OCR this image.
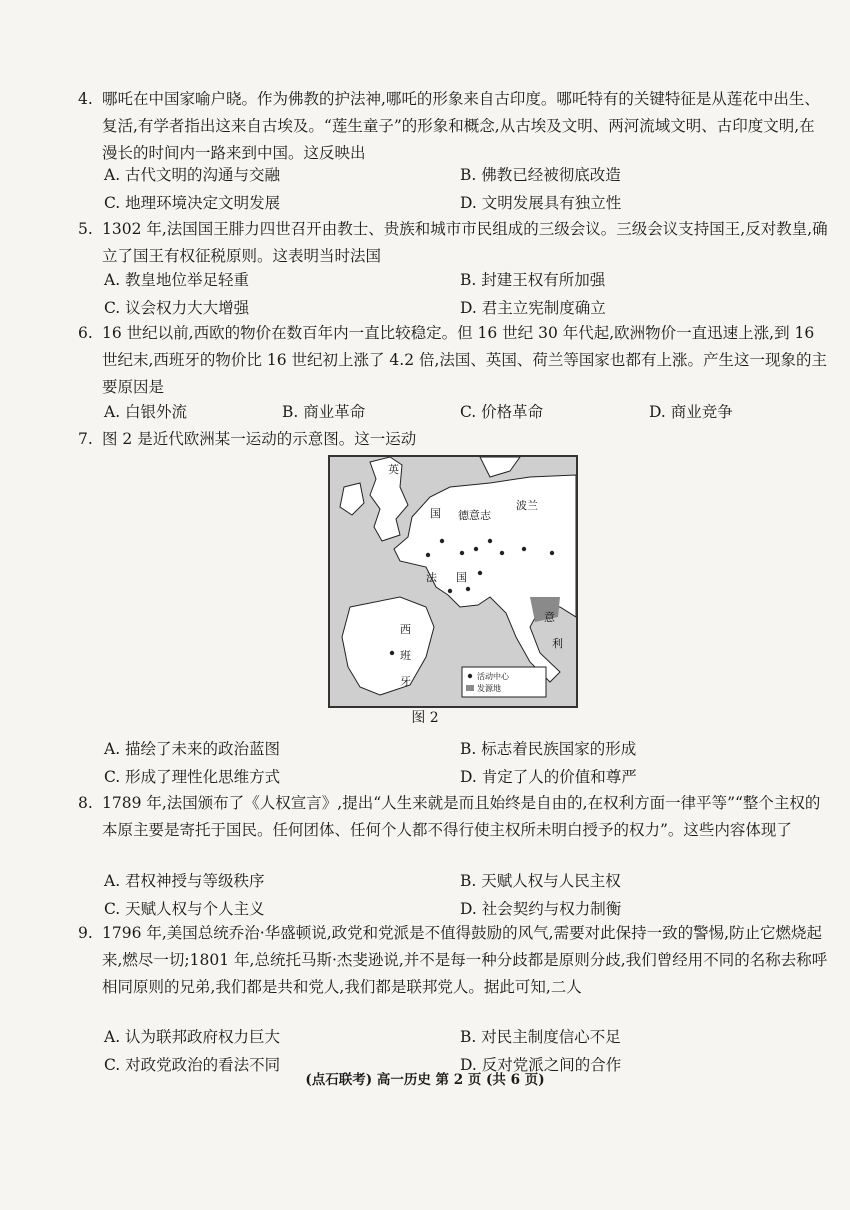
4. 哪吒在中国家喻户晓。作为佛教的护法神,哪吒的形象来自古印度。哪吒特有的关键特征是从莲花中出生、复活,有学者指出这来自古埃及。“莲生童子”的形象和概念,从古埃及文明、两河流域文明、古印度文明,在漫长的时间内一路来到中国。这反映出
A. 古代文明的沟通与交融	B. 佛教已经被彻底改造
C. 地理环境决定文明发展	D. 文明发展具有独立性
5. 1302 年,法国国王腓力四世召开由教士、贵族和城市市民组成的三级会议。三级会议支持国王,反对教皇,确立了国王有权征税原则。这表明当时法国
A. 教皇地位举足轻重	B. 封建王权有所加强
C. 议会权力大大增强	D. 君主立宪制度确立
6. 16 世纪以前,西欧的物价在数百年内一直比较稳定。但 16 世纪 30 年代起,欧洲物价一直迅速上涨,到 16 世纪末,西班牙的物价比 16 世纪初上涨了 4.2 倍,法国、英国、荷兰等国家也都有上涨。产生这一现象的主要原因是
A. 白银外流	B. 商业革命	C. 价格革命	D. 商业竞争
7. 图 2 是近代欧洲某一运动的示意图。这一运动
英
国 德意志
波兰
法 国
西
班
牙
意
利
活动中心
发源地
图 2
A. 描绘了未来的政治蓝图	B. 标志着民族国家的形成
C. 形成了理性化思维方式	D. 肯定了人的价值和尊严
8. 1789 年,法国颁布了《人权宣言》,提出“人生来就是而且始终是自由的,在权利方面一律平等”“整个主权的本原主要是寄托于国民。任何团体、任何个人都不得行使主权所未明白授予的权力”。这些内容体现了
A. 君权神授与等级秩序	B. 天赋人权与人民主权
C. 天赋人权与个人主义	D. 社会契约与权力制衡
9. 1796 年,美国总统乔治·华盛顿说,政党和党派是不值得鼓励的风气,需要对此保持一致的警惕,防止它燃烧起来,燃尽一切;1801 年,总统托马斯·杰斐逊说,并不是每一种分歧都是原则分歧,我们曾经用不同的名称去称呼相同原则的兄弟,我们都是共和党人,我们都是联邦党人。据此可知,二人
A. 认为联邦政府权力巨大	B. 对民主制度信心不足
C. 对政党政治的看法不同	D. 反对党派之间的合作
(点石联考) 高一历史 第 2 页 (共 6 页)
